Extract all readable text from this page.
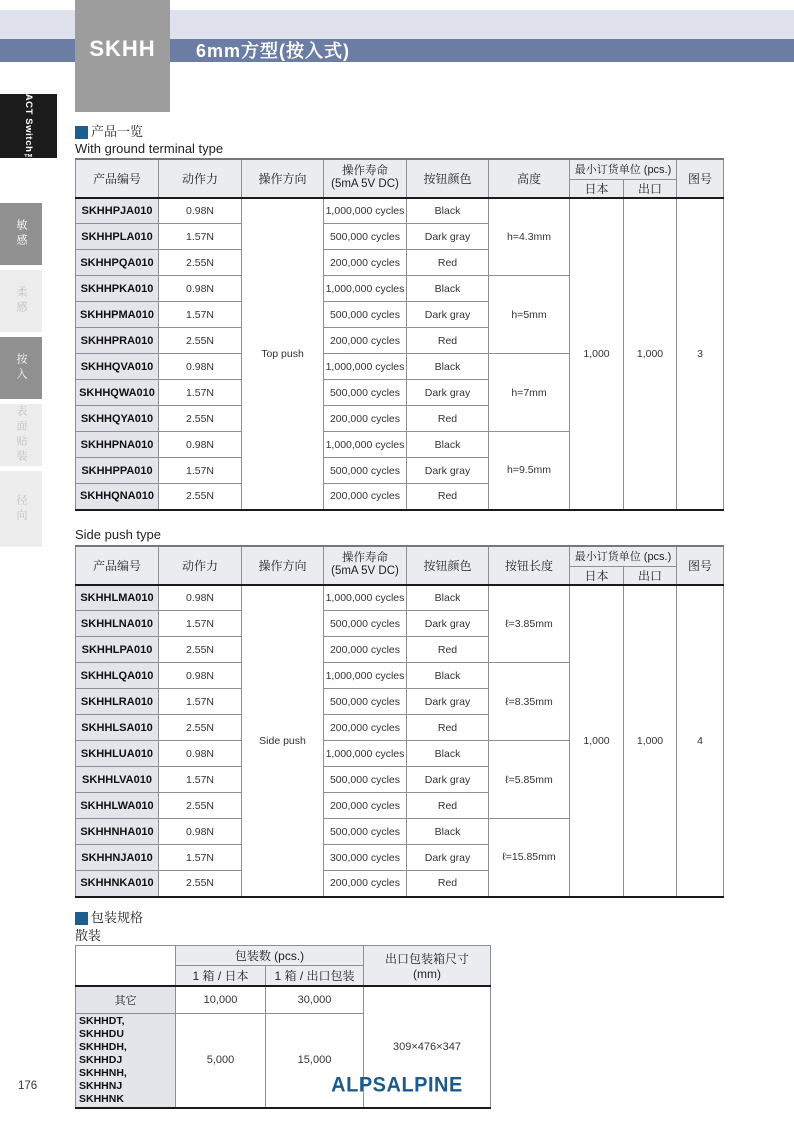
SKHH	6mm方型(按入式)
TACT Switch™
敏感
柔感
按入
表面贴装
径向
产品一览
With ground terminal type
产品编号	动作力	操作方向	操作寿命
(5mA 5V DC)	按钮颜色	高度	最小订货单位 (pcs.)		图号
						日本	出口	
SKHHPJA010	0.98N	Top push	1,000,000 cycles	Black	h=4.3mm	1,000	1,000	3
SKHHPLA010	1.57N		500,000 cycles	Dark gray				
SKHHPQA010	2.55N		200,000 cycles	Red				
SKHHPKA010	0.98N		1,000,000 cycles	Black	h=5mm			
SKHHPMA010	1.57N		500,000 cycles	Dark gray				
SKHHPRA010	2.55N		200,000 cycles	Red				
SKHHQVA010	0.98N		1,000,000 cycles	Black	h=7mm			
SKHHQWA010	1.57N		500,000 cycles	Dark gray				
SKHHQYA010	2.55N		200,000 cycles	Red				
SKHHPNA010	0.98N		1,000,000 cycles	Black	h=9.5mm			
SKHHPPA010	1.57N		500,000 cycles	Dark gray				
SKHHQNA010	2.55N		200,000 cycles	Red				
Side push type
产品编号	动作力	操作方向	操作寿命
(5mA 5V DC)	按钮颜色	按钮长度	最小订货单位 (pcs.)		图号
						日本	出口	
SKHHLMA010	0.98N	Side push	1,000,000 cycles	Black	ℓ=3.85mm	1,000	1,000	4
SKHHLNA010	1.57N		500,000 cycles	Dark gray				
SKHHLPA010	2.55N		200,000 cycles	Red				
SKHHLQA010	0.98N		1,000,000 cycles	Black	ℓ=8.35mm			
SKHHLRA010	1.57N		500,000 cycles	Dark gray				
SKHHLSA010	2.55N		200,000 cycles	Red				
SKHHLUA010	0.98N		1,000,000 cycles	Black	ℓ=5.85mm			
SKHHLVA010	1.57N		500,000 cycles	Dark gray				
SKHHLWA010	2.55N		200,000 cycles	Red				
SKHHNHA010	0.98N		500,000 cycles	Black	ℓ=15.85mm			
SKHHNJA010	1.57N		300,000 cycles	Dark gray				
SKHHNKA010	2.55N		200,000 cycles	Red				
包装规格
散装
	包装数 (pcs.)		出口包装箱尺寸
(mm)

	1 箱 / 日本	1 箱 / 出口包装	
其它	10,000	30,000	309×476×347

SKHHDT, SKHHDU
SKHHDH, SKHHDJ
SKHHNH, SKHHNJ
SKHHNK	5,000	15,000	
176	ALPSALPINE
